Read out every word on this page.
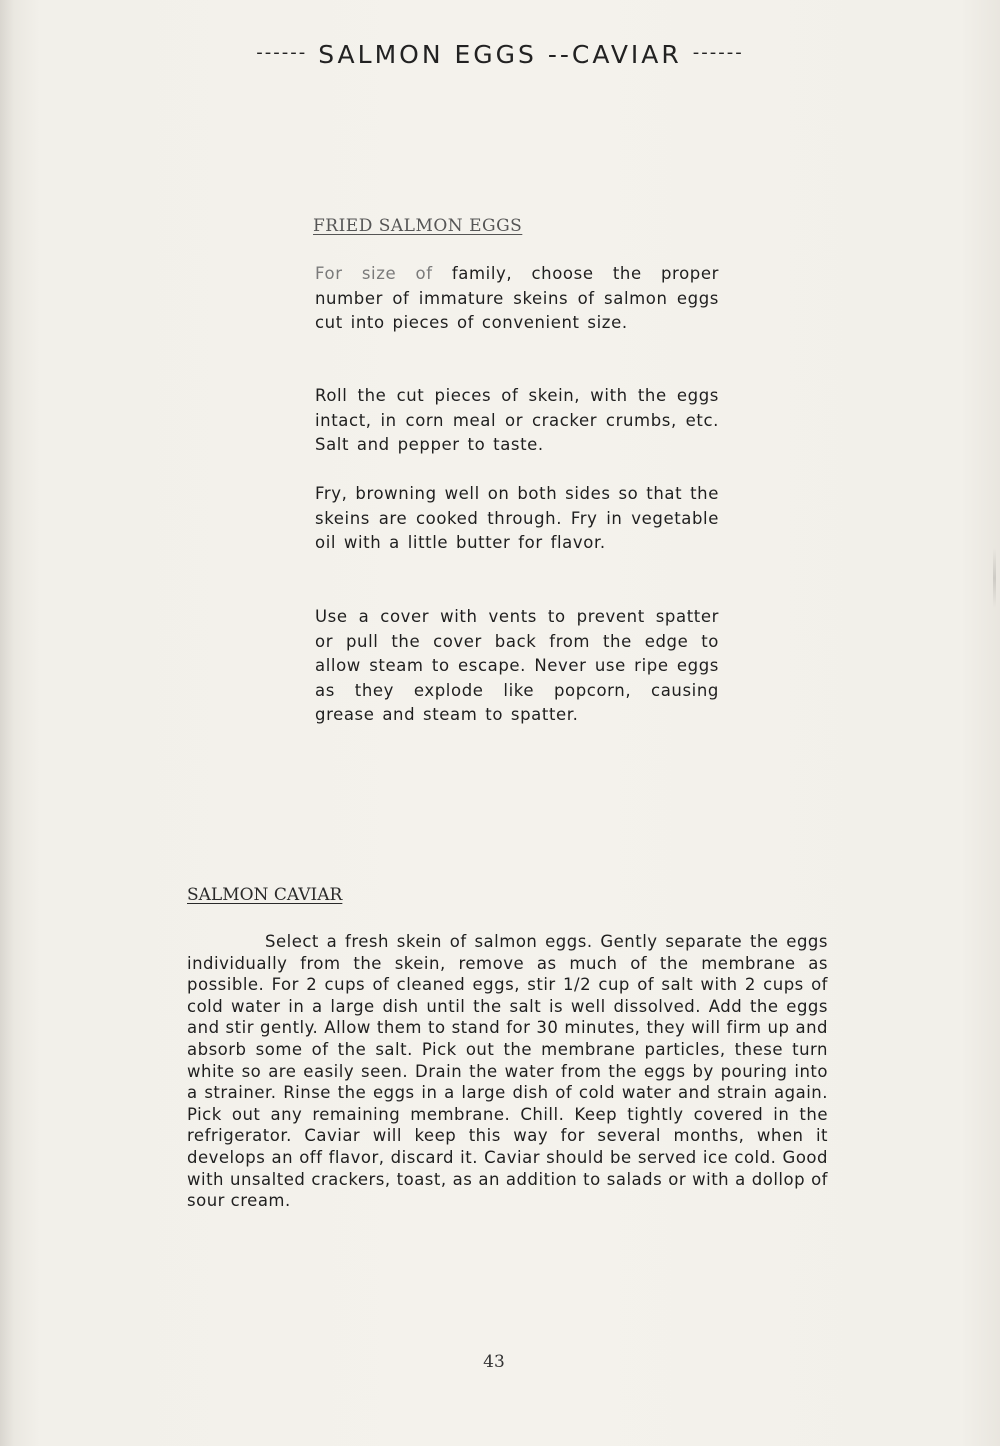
------ SALMON EGGS --CAVIAR ------
FRIED SALMON EGGS
For size of family, choose the proper number of immature skeins of salmon eggs cut into pieces of convenient size.
Roll the cut pieces of skein, with the eggs intact, in corn meal or cracker crumbs, etc. Salt and pepper to taste.
Fry, browning well on both sides so that the skeins are cooked through. Fry in vegetable oil with a little butter for flavor.
Use a cover with vents to prevent spatter or pull the cover back from the edge to allow steam to escape. Never use ripe eggs as they explode like popcorn, causing grease and steam to spatter.
SALMON CAVIAR
Select a fresh skein of salmon eggs. Gently separate the eggs individually from the skein, remove as much of the membrane as possible. For 2 cups of cleaned eggs, stir 1/2 cup of salt with 2 cups of cold water in a large dish until the salt is well dissolved. Add the eggs and stir gently. Allow them to stand for 30 minutes, they will firm up and absorb some of the salt. Pick out the membrane particles, these turn white so are easily seen. Drain the water from the eggs by pouring into a strainer. Rinse the eggs in a large dish of cold water and strain again. Pick out any remaining membrane. Chill. Keep tightly covered in the refrigerator. Caviar will keep this way for several months, when it develops an off flavor, discard it. Caviar should be served ice cold. Good with unsalted crackers, toast, as an addition to salads or with a dollop of sour cream.
43
